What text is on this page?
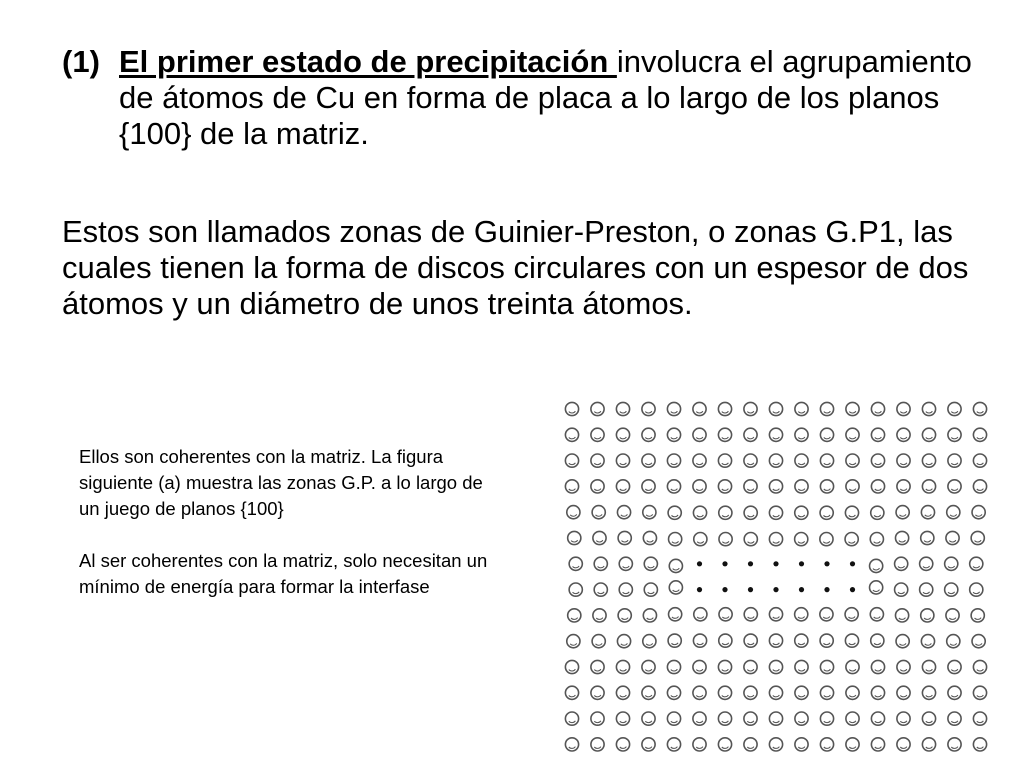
(1) El primer estado de precipitación involucra el agrupamiento de átomos de Cu en forma de placa a lo largo de los planos {100} de la matriz.

Estos son llamados zonas de Guinier-Preston, o zonas G.P1, las cuales tienen la forma de discos circulares con un espesor de dos átomos y un diámetro de unos treinta átomos.

Ellos son coherentes con la matriz. La figura siguiente (a) muestra las zonas G.P. a lo largo de un juego de planos {100}

Al ser coherentes con la matriz, solo necesitan un mínimo de energía para formar la interfase
